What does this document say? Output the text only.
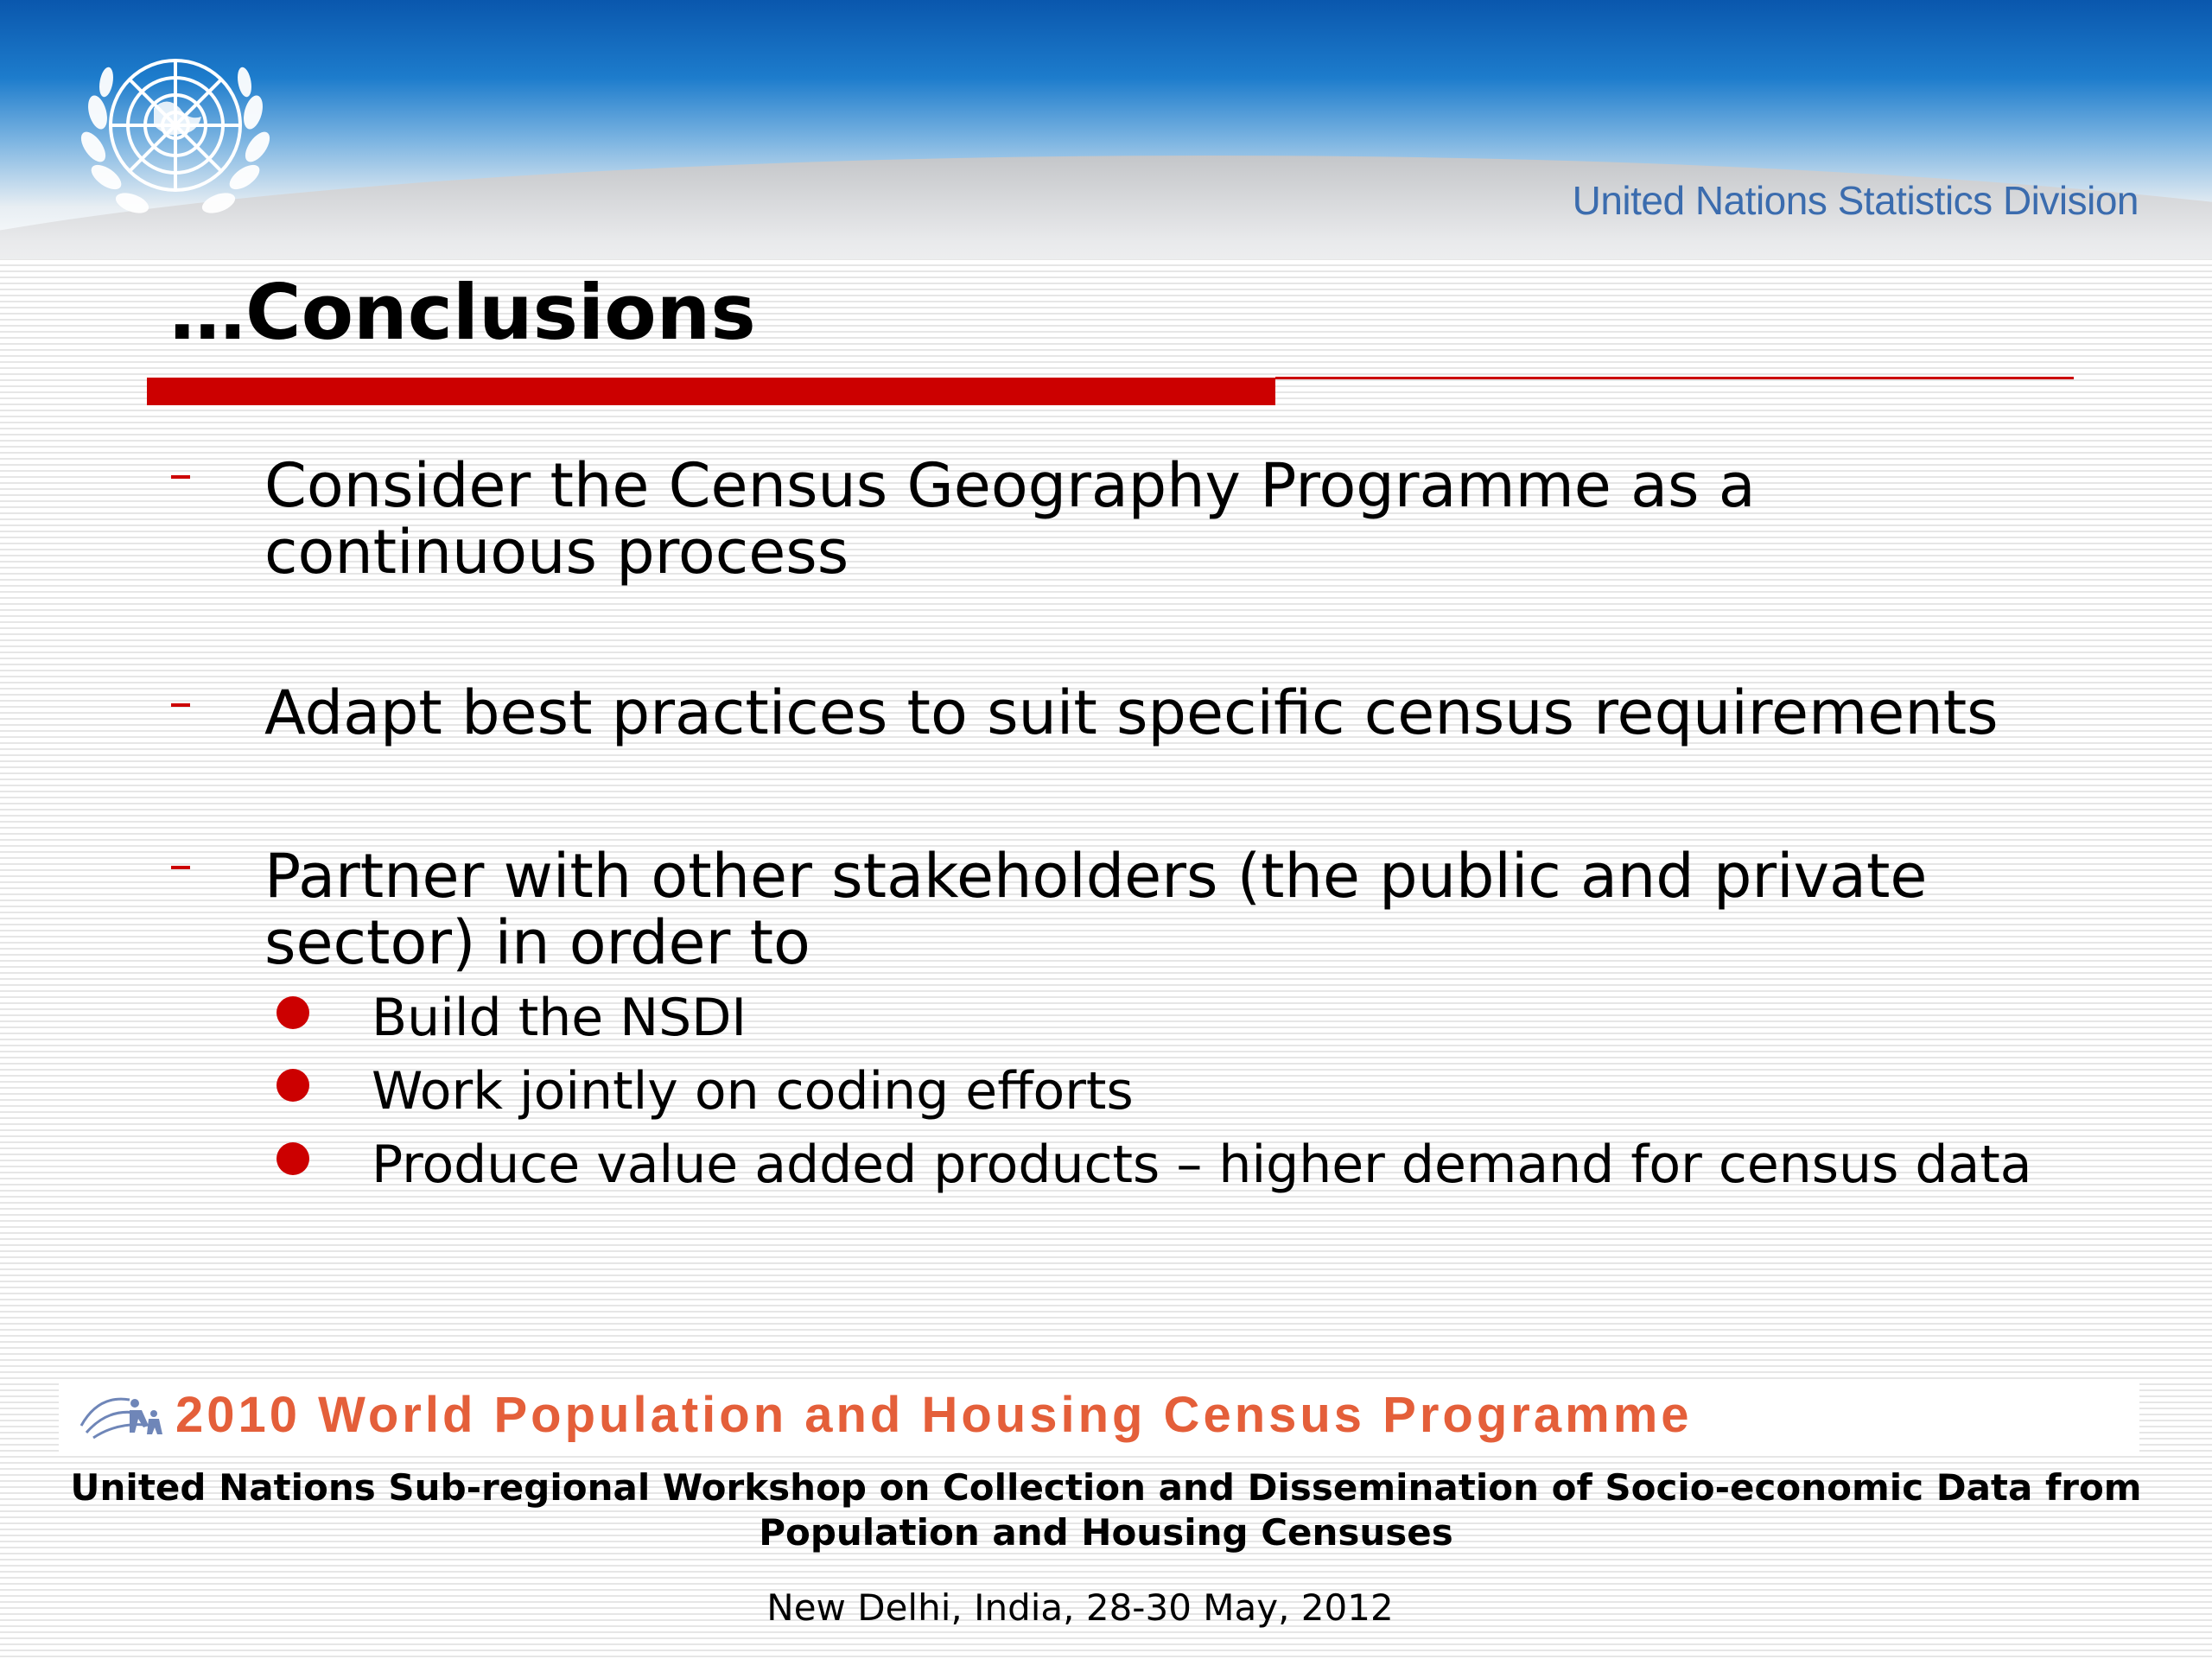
United Nations Statistics Division
…Conclusions
Consider the Census Geography Programme as a continuous process
Adapt best practices to suit specific census requirements
Partner with other stakeholders (the public and private sector) in order to
Build the NSDI
Work jointly on coding efforts
Produce value added products – higher demand for census data
2010 World Population and Housing Census Programme
United Nations Sub-regional Workshop on Collection and Dissemination of Socio-economic Data from Population and Housing Censuses
New Delhi, India, 28-30 May, 2012
